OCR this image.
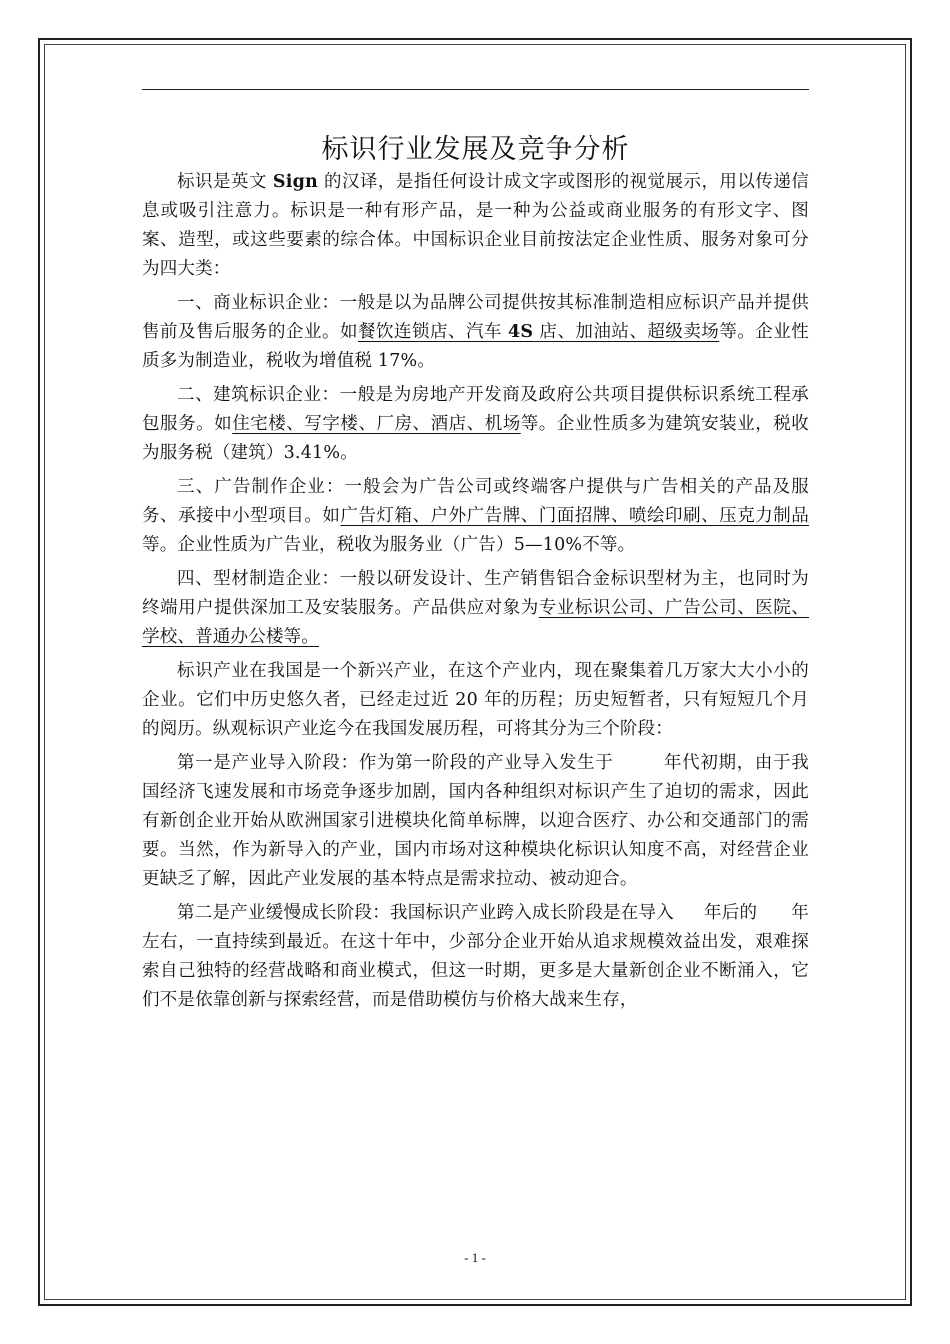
标识行业发展及竞争分析

标识是英文 Sign 的汉译，是指任何设计成文字或图形的视觉展示，用以传递信息或吸引注意力。标识是一种有形产品，是一种为公益或商业服务的有形文字、图案、造型，或这些要素的综合体。中国标识企业目前按法定企业性质、服务对象可分为四大类：

一、商业标识企业：一般是以为品牌公司提供按其标准制造相应标识产品并提供售前及售后服务的企业。如餐饮连锁店、汽车 4S 店、加油站、超级卖场等。企业性质多为制造业，税收为增值税 17%。

二、建筑标识企业：一般是为房地产开发商及政府公共项目提供标识系统工程承包服务。如住宅楼、写字楼、厂房、酒店、机场等。企业性质多为建筑安装业，税收为服务税（建筑）3.41%。

三、广告制作企业：一般会为广告公司或终端客户提供与广告相关的产品及服务、承接中小型项目。如广告灯箱、户外广告牌、门面招牌、喷绘印刷、压克力制品等。企业性质为广告业，税收为服务业（广告）5—10%不等。

四、型材制造企业：一般以研发设计、生产销售铝合金标识型材为主，也同时为终端用户提供深加工及安装服务。产品供应对象为专业标识公司、广告公司、医院、学校、普通办公楼等。

标识产业在我国是一个新兴产业，在这个产业内，现在聚集着几万家大大小小的企业。它们中历史悠久者，已经走过近 20 年的历程；历史短暂者，只有短短几个月的阅历。纵观标识产业迄今在我国发展历程，可将其分为三个阶段：

第一是产业导入阶段：作为第一阶段的产业导入发生于	年代初期，由于我国经济飞速发展和市场竞争逐步加剧，国内各种组织对标识产生了迫切的需求，因此有新创企业开始从欧洲国家引进模块化简单标牌，以迎合医疗、办公和交通部门的需要。当然，作为新导入的产业，国内市场对这种模块化标识认知度不高，对经营企业更缺乏了解，因此产业发展的基本特点是需求拉动、被动迎合。

第二是产业缓慢成长阶段：我国标识产业跨入成长阶段是在导入 年后的 年左右，一直持续到最近。在这十年中，少部分企业开始从追求规模效益出发，艰难探索自己独特的经营战略和商业模式，但这一时期，更多是大量新创企业不断涌入，它们不是依靠创新与探索经营，而是借助模仿与价格大战来生存，

- 1 -
